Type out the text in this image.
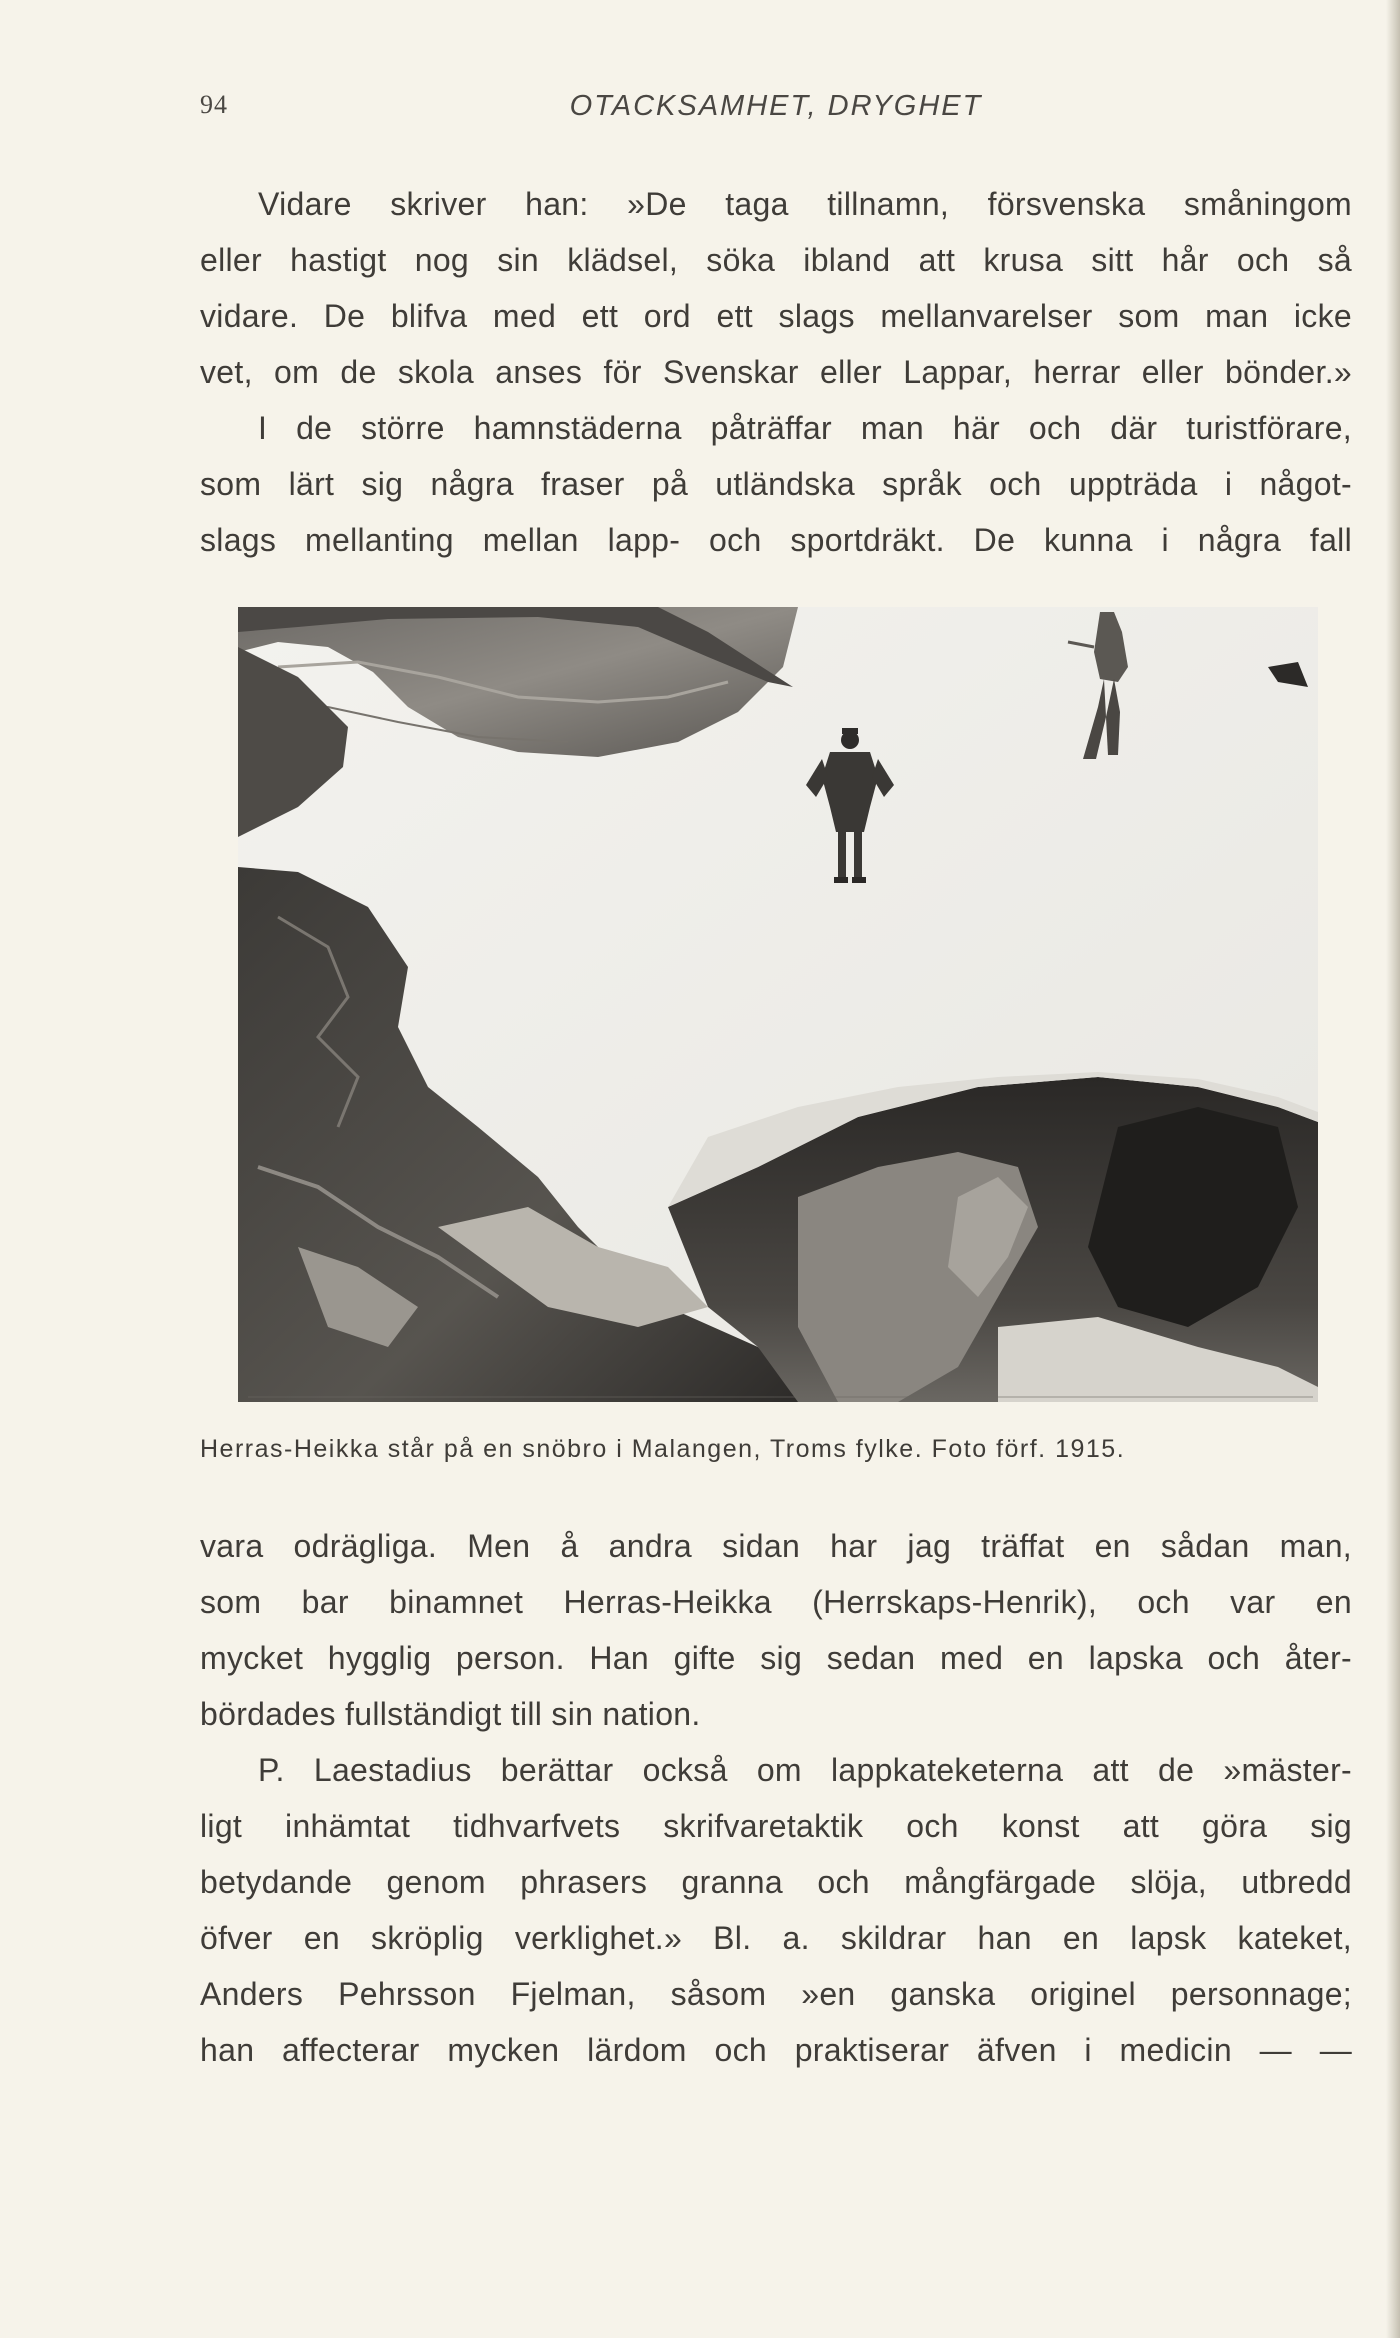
94	OTACKSAMHET, DRYGHET
Vidare skriver han: »De taga tillnamn, försvenska småningom
eller hastigt nog sin klädsel, söka ibland att krusa sitt hår och så
vidare. De blifva med ett ord ett slags mellanvarelser som man icke
vet, om de skola anses för Svenskar eller Lappar, herrar eller bönder.»
I de större hamnstäderna påträffar man här och där turistförare,
som lärt sig några fraser på utländska språk och uppträda i något-
slags mellanting mellan lapp- och sportdräkt. De kunna i några fall
Herras-Heikka står på en snöbro i Malangen, Troms fylke. Foto förf. 1915.
vara odrägliga. Men å andra sidan har jag träffat en sådan man,
som bar binamnet Herras-Heikka (Herrskaps-Henrik), och var en
mycket hygglig person. Han gifte sig sedan med en lapska och åter-
bördades fullständigt till sin nation.
P. Laestadius berättar också om lappkateketerna att de »mäster-
ligt inhämtat tidhvarfvets skrifvaretaktik och konst att göra sig
betydande genom phrasers granna och mångfärgade slöja, utbredd
öfver en skröplig verklighet.» Bl. a. skildrar han en lapsk kateket,
Anders Pehrsson Fjelman, såsom »en ganska originel personnage;
han affecterar mycken lärdom och praktiserar äfven i medicin — —
